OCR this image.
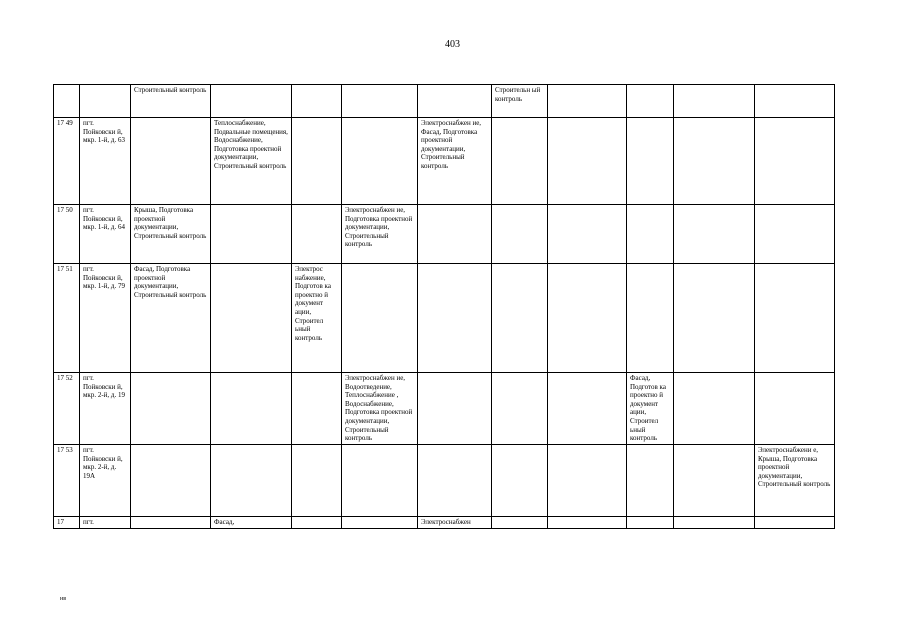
403
		Строительный контроль					Строительн ый контроль				
17 49	пгт. Пойковски й, мкр. 1-й, д. 63		Теплоснабжение, Подвальные помещения, Водоснабжение, Подготовка проектной документации, Строительный контроль			Электроснабжен ие, Фасад, Подготовка проектной документации, Строительный контроль					
17 50	пгт. Пойковски й, мкр. 1-й, д. 64	Крыша, Подготовка проектной документации, Строительный контроль			Электроснабжен ие, Подготовка проектной документации, Строительный контроль						
17 51	пгт. Пойковски й, мкр. 1-й, д. 79	Фасад, Подготовка проектной документации, Строительный контроль		Электрос набжение, Подготов ка проектно й документ ации, Строител ьный контроль							
17 52	пгт. Пойковски й, мкр. 2-й, д. 19				Электроснабжен ие, Водоотведение, Теплоснабжение , Водоснабжение, Подготовка проектной документации, Строительный контроль				Фасад, Подготов ка проектно й документ ации, Строител ьный контроль		
17 53	пгт. Пойковски й, мкр. 2-й, д. 19А										Электроснабжени е, Крыша, Подготовка проектной документации, Строительный контроль
17	пгт.		Фасад,			Электроснабжен					
нв
